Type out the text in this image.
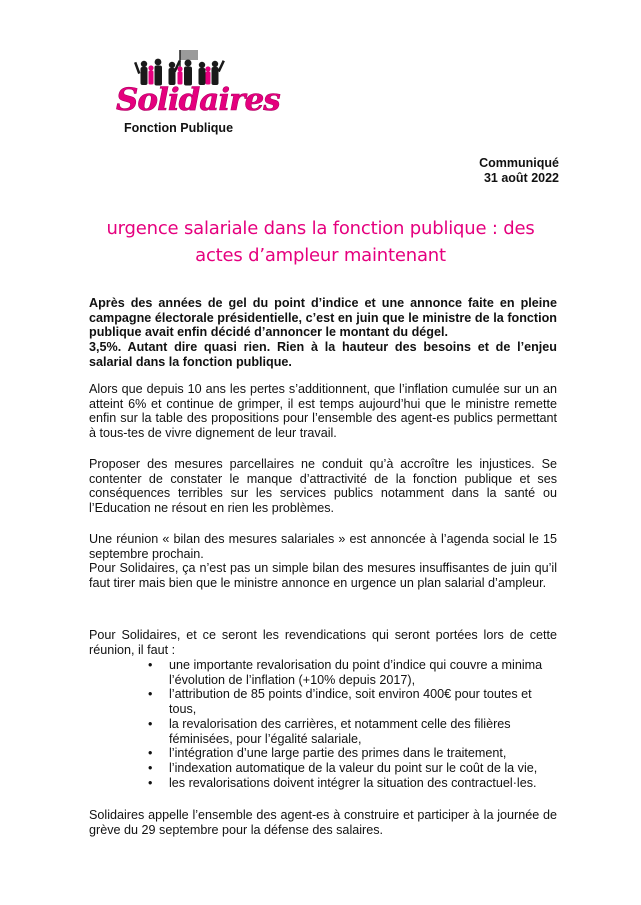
Solidaires
Fonction Publique
Communiqué
31 août 2022
urgence salariale dans la fonction publique : des
actes d’ampleur maintenant

Après des années de gel du point d’indice et une annonce faite en pleine campagne électorale présidentielle, c’est en juin que le ministre de la fonction publique avait enfin décidé d’annoncer le montant du dégel.

3,5%. Autant dire quasi rien. Rien à la hauteur des besoins et de l’enjeu salarial dans la fonction publique.

Alors que depuis 10 ans les pertes s’additionnent, que l’inflation cumulée sur un an atteint 6% et continue de grimper, il est temps aujourd’hui que le ministre remette enfin sur la table des propositions pour l’ensemble des agent-es publics permettant à tous-tes de vivre dignement de leur travail.

Proposer des mesures parcellaires ne conduit qu’à accroître les injustices. Se contenter de constater le manque d’attractivité de la fonction publique et ses conséquences terribles sur les services publics notamment dans la santé ou l’Education ne résout en rien les problèmes.

Une réunion « bilan des mesures salariales » est annoncée à l’agenda social le 15 septembre prochain.

Pour Solidaires, ça n’est pas un simple bilan des mesures insuffisantes de juin qu’il faut tirer mais bien que le ministre annonce en urgence un plan salarial d’ampleur.

Pour Solidaires, et ce seront les revendications qui seront portées lors de cette réunion, il faut :

• une importante revalorisation du point d’indice qui couvre a minima l’évolution de l’inflation (+10% depuis 2017),
• l’attribution de 85 points d’indice, soit environ 400€ pour toutes et tous,
• la revalorisation des carrières, et notamment celle des filières féminisées, pour l’égalité salariale,
• l’intégration d’une large partie des primes dans le traitement,
• l’indexation automatique de la valeur du point sur le coût de la vie,
• les revalorisations doivent intégrer la situation des contractuel·les.

Solidaires appelle l’ensemble des agent-es à construire et participer à la journée de grève du 29 septembre pour la défense des salaires.
